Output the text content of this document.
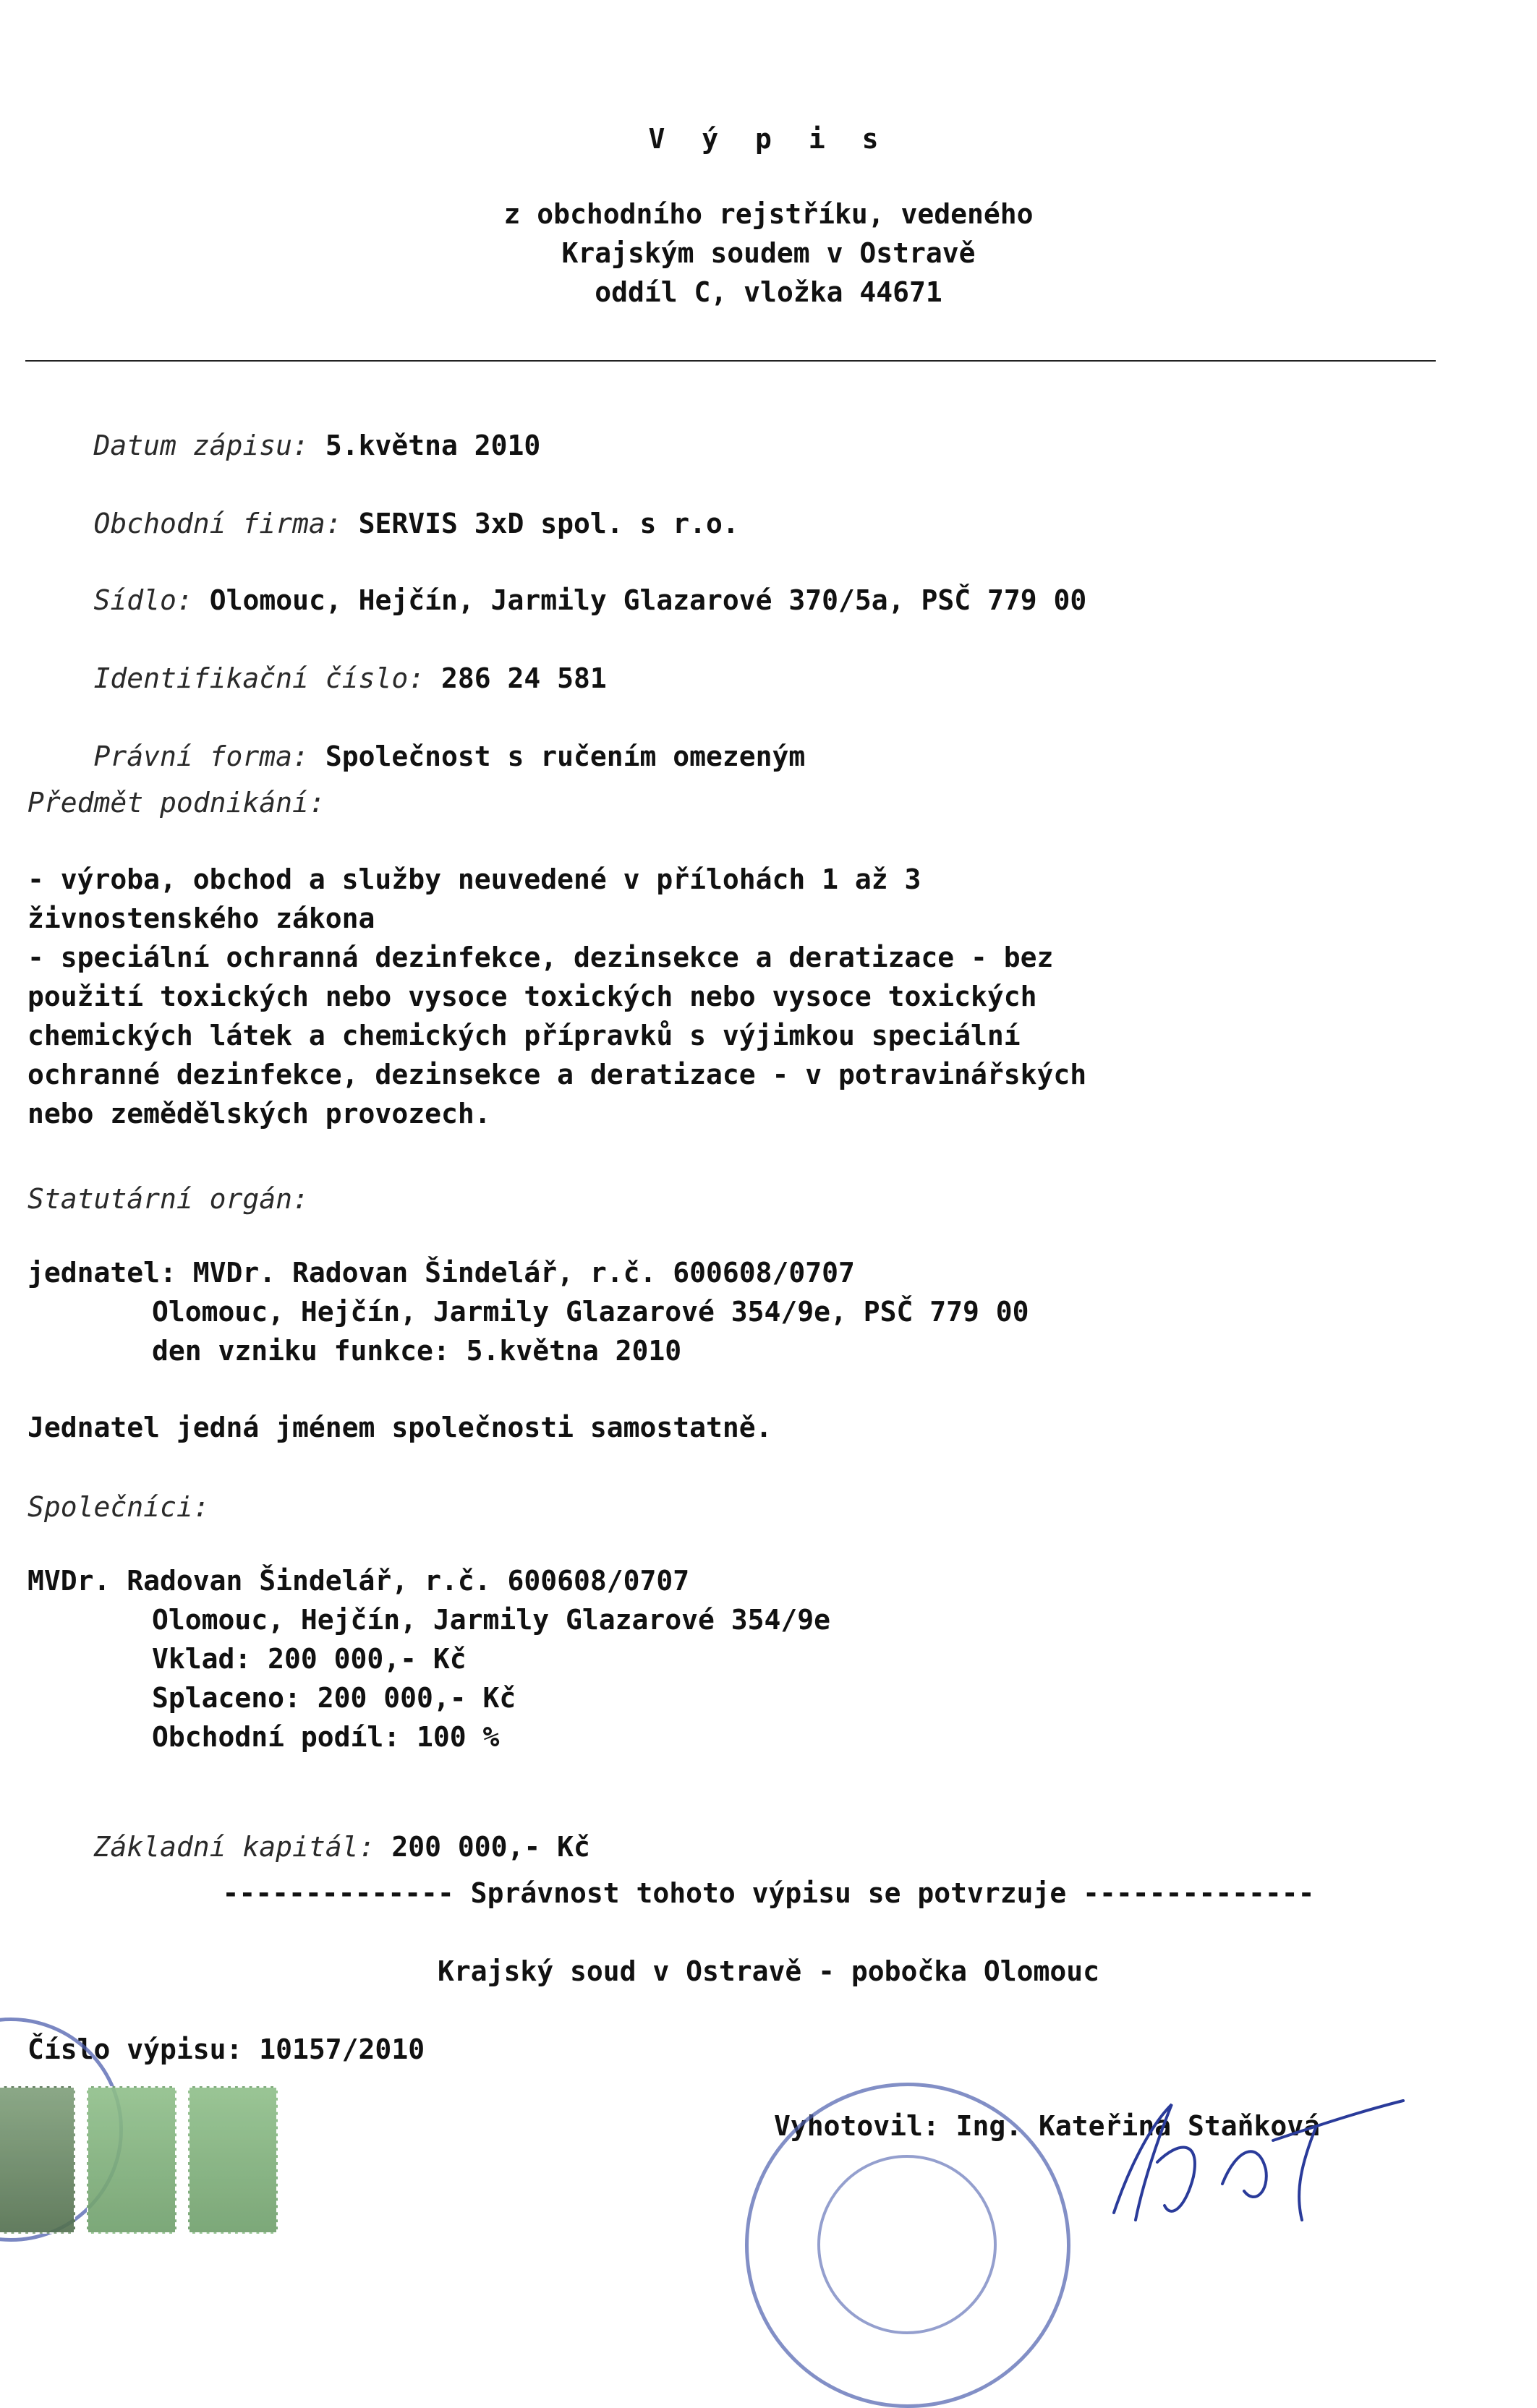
V ý p i s
z obchodního rejstříku, vedeného
Krajským soudem v Ostravě
oddíl C, vložka 44671

Datum zápisu: 5.května 2010

Obchodní firma: SERVIS 3xD spol. s r.o.

Sídlo: Olomouc, Hejčín, Jarmily Glazarové 370/5a, PSČ 779 00

Identifikační číslo: 286 24 581

Právní forma: Společnost s ručením omezeným

Předmět podnikání:
- výroba, obchod a služby neuvedené v přílohách 1 až 3
živnostenského zákona
- speciální ochranná dezinfekce, dezinsekce a deratizace - bez
použití toxických nebo vysoce toxických nebo vysoce toxických
chemických látek a chemických přípravků s výjimkou speciální
ochranné dezinfekce, dezinsekce a deratizace - v potravinářských
nebo zemědělských provozech.
Statutární orgán:
jednatel: MVDr. Radovan Šindelář, r.č. 600608/0707
Olomouc, Hejčín, Jarmily Glazarové 354/9e, PSČ 779 00
den vzniku funkce: 5.května 2010
Jednatel jedná jménem společnosti samostatně.
Společníci:
MVDr. Radovan Šindelář, r.č. 600608/0707
Olomouc, Hejčín, Jarmily Glazarové 354/9e
Vklad: 200 000,- Kč
Splaceno: 200 000,- Kč
Obchodní podíl: 100 %

Základní kapitál: 200 000,- Kč

-------------- Správnost tohoto výpisu se potvrzuje --------------
Krajský soud v Ostravě - pobočka Olomouc
Číslo výpisu: 10157/2010
Vyhotovil: Ing. Kateřina Staňková
